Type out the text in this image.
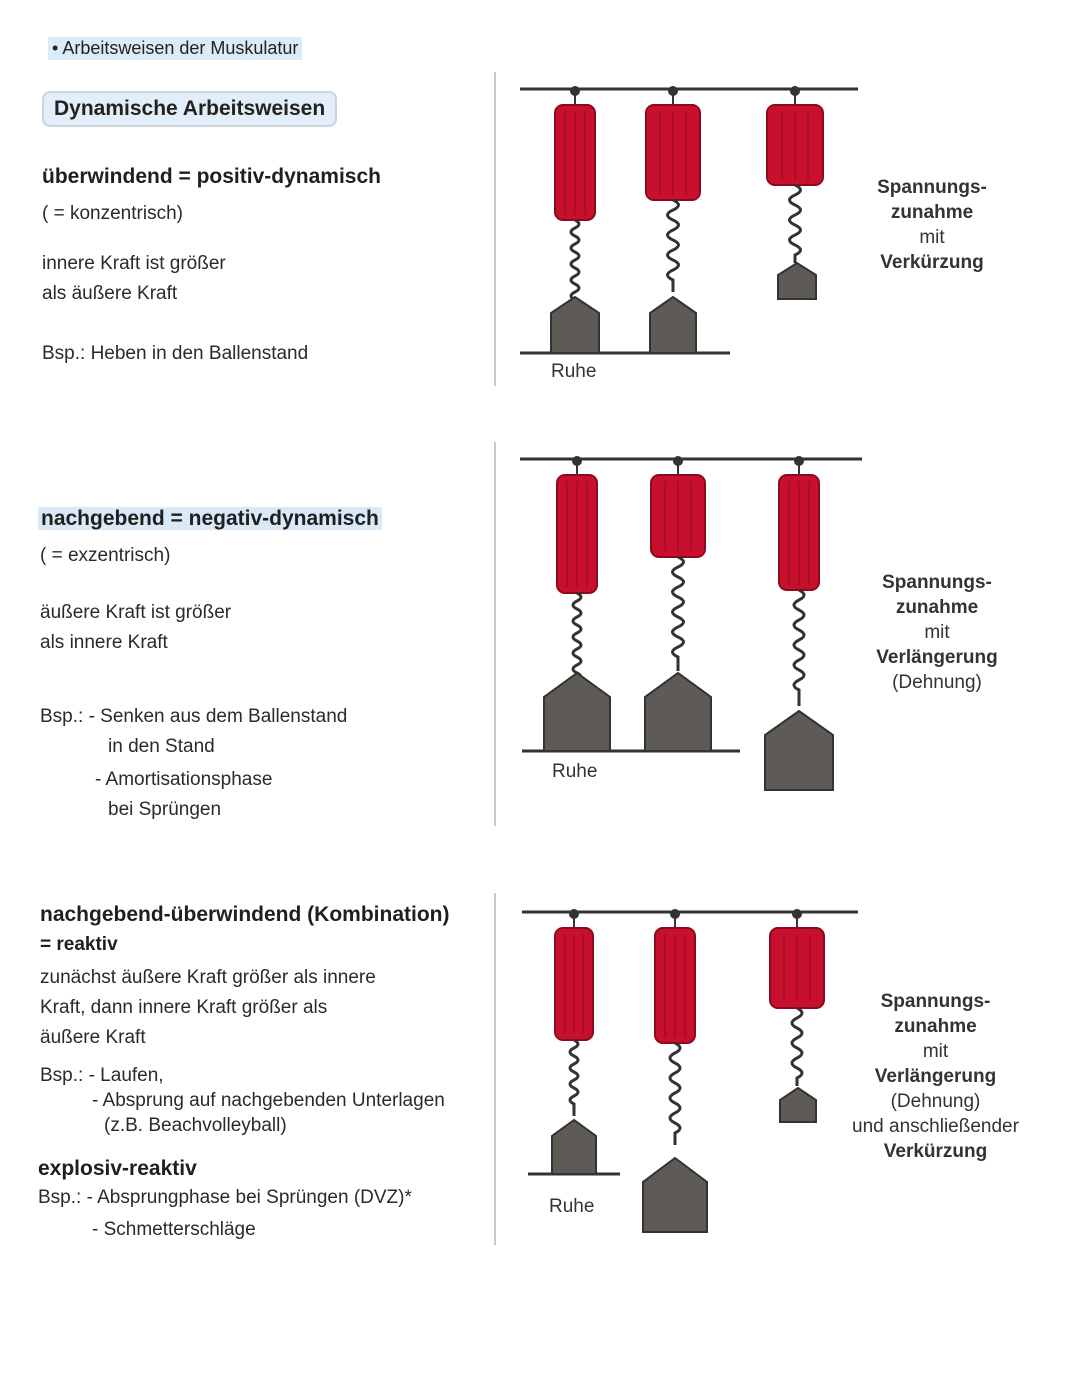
• Arbeitsweisen der Muskulatur
Dynamische Arbeitsweisen
überwindend = positiv-dynamisch
( = konzentrisch)
innere Kraft ist größer
als äußere Kraft
Bsp.: Heben in den Ballenstand
Ruhe
Spannungs-
zunahme
mit
Verkürzung
nachgebend = negativ-dynamisch
( = exzentrisch)
äußere Kraft ist größer
als innere Kraft
Bsp.: - Senken aus dem Ballenstand
in den Stand
- Amortisationsphase
bei Sprüngen
Ruhe
Spannungs-
zunahme
mit
Verlängerung
(Dehnung)
nachgebend-überwindend (Kombination)
= reaktiv
zunächst äußere Kraft größer als innere
Kraft, dann innere Kraft größer als
äußere Kraft
Bsp.: - Laufen,
- Absprung auf nachgebenden Unterlagen
(z.B. Beachvolleyball)
explosiv-reaktiv
Bsp.: - Absprungphase bei Sprüngen (DVZ)*
- Schmetterschläge
Ruhe
Spannungs-
zunahme
mit
Verlängerung
(Dehnung)
und anschließender
Verkürzung
